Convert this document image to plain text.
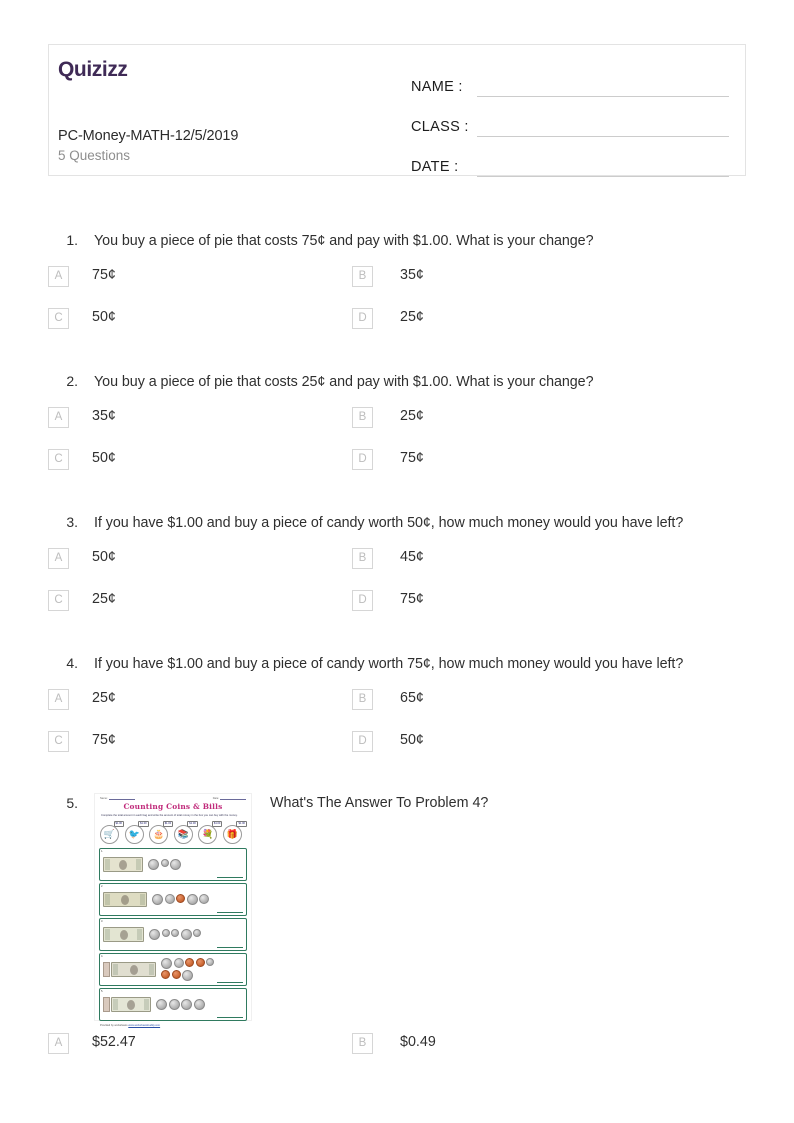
Quizizz
PC-Money-MATH-12/5/2019
5 Questions
NAME :
CLASS :
DATE :
1. You buy a piece of pie that costs 75¢ and pay with $1.00. What is your change?
A	75¢	B	35¢
C	50¢	D	25¢
2. You buy a piece of pie that costs 25¢ and pay with $1.00. What is your change?
A	35¢	B	25¢
C	50¢	D	75¢
3. If you have $1.00 and buy a piece of candy worth 50¢, how much money would you have left?
A	50¢	B	45¢
C	25¢	D	75¢
4. If you have $1.00 and buy a piece of candy worth 75¢, how much money would you have left?
A	25¢	B	65¢
C	75¢	D	50¢
5.	Name:	Date:
Counting Coins & Bills
Complete the total amount in each bag and write the amount of total money in the box you can buy with the money.
$1.00
🛒
$1.00
🐦
$1.00
🎂
$1.00
📚
$1.00
💐
$1.00
🎁
1.
2.
3.
4.
5.
Provided by worksheets www.worksheetsbuddy.com
What's The Answer To Problem 4?
A	$52.47	B	$0.49
